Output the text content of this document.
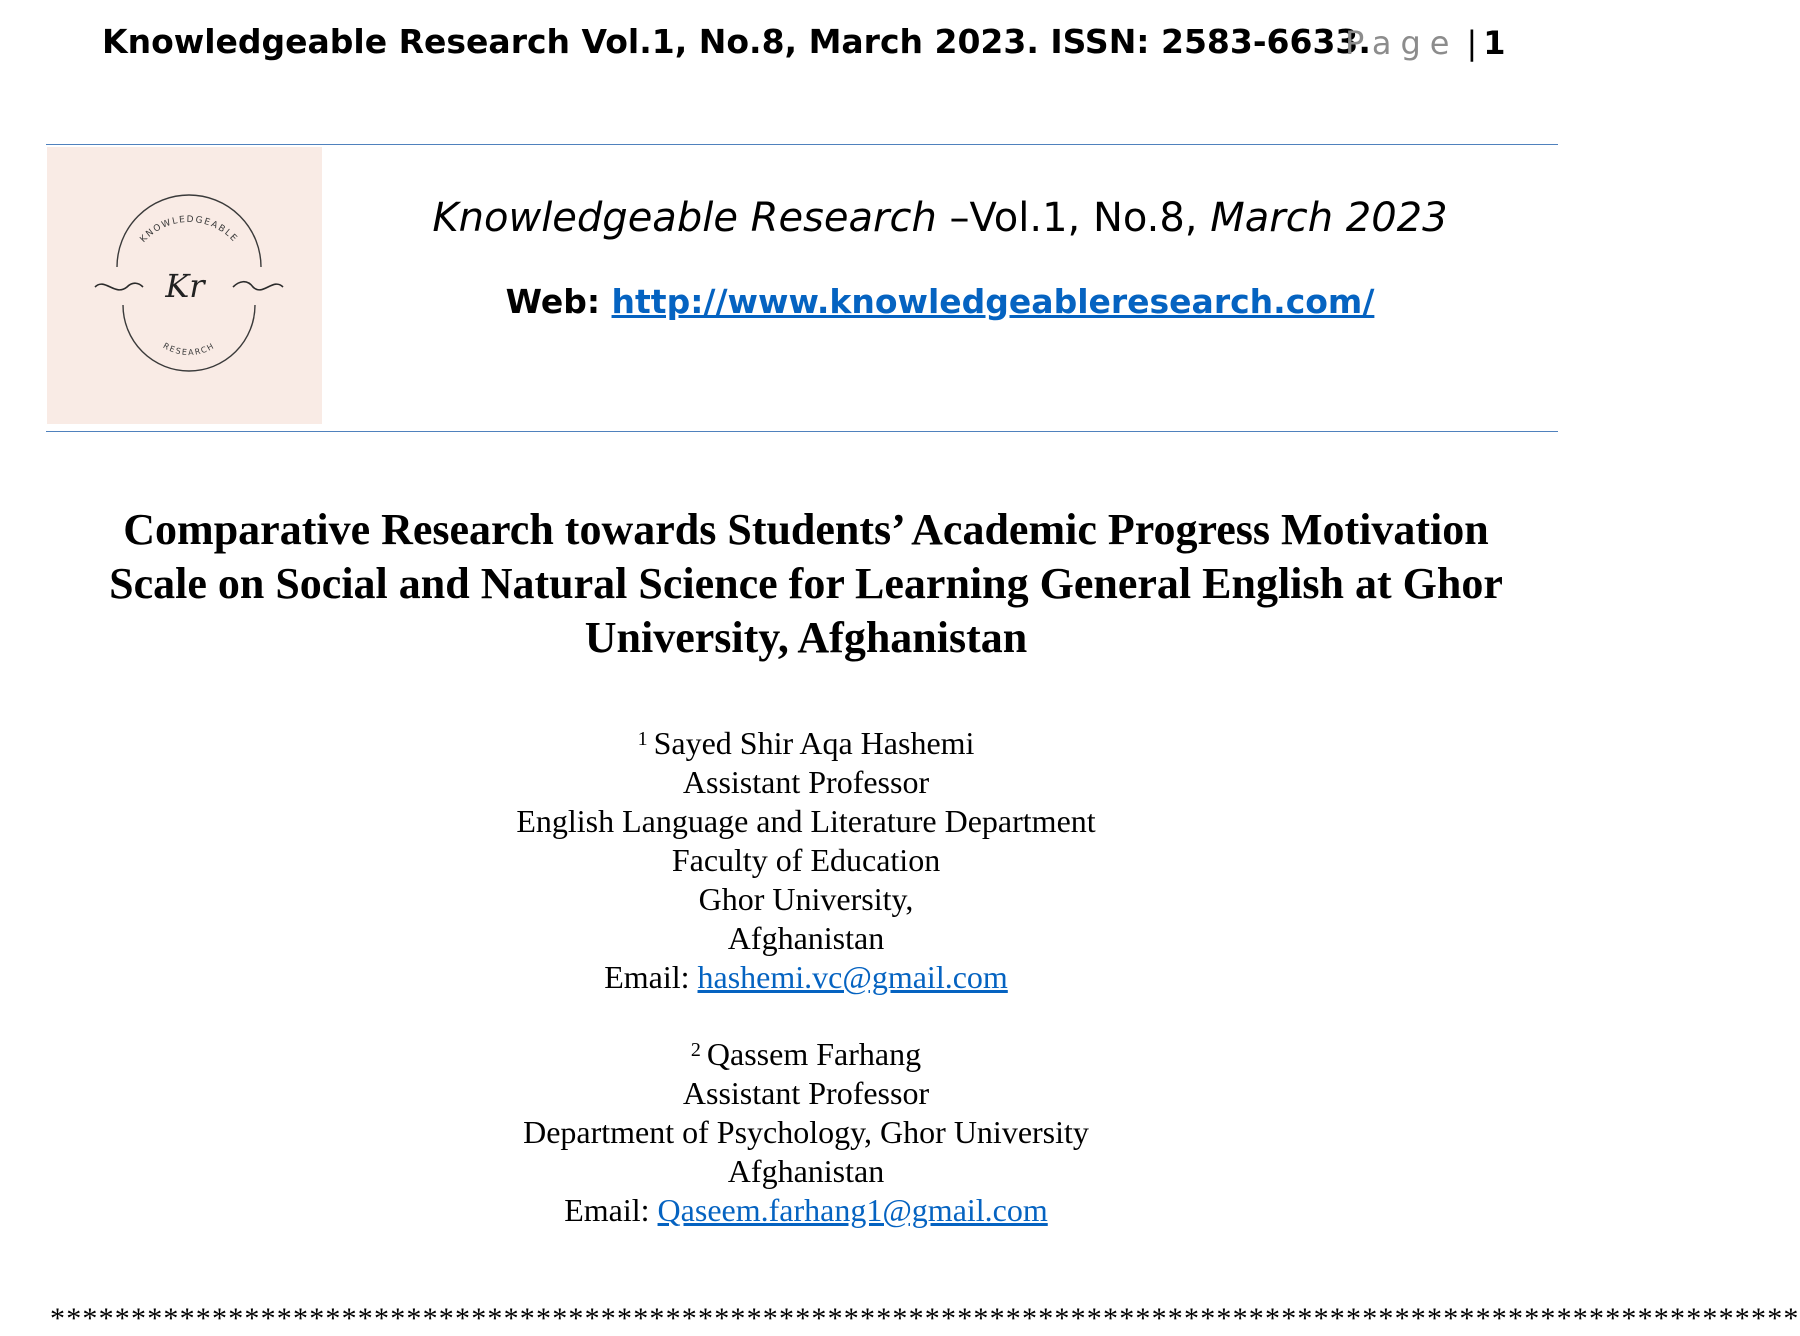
Knowledgeable Research Vol.1, No.8, March 2023. ISSN: 2583-6633.
Page | 1
KNOWLEDGEABLE
RESEARCH
Kr
Knowledgeable Research –Vol.1, No.8, March 2023
Web: http://www.knowledgeableresearch.com/
Comparative Research towards Students’ Academic Progress Motivation
Scale on Social and Natural Science for Learning General English at Ghor
University, Afghanistan
$^1$ Sayed Shir Aqa Hashemi
Assistant Professor
English Language and Literature Department
Faculty of Education
Ghor University,
Afghanistan
Email: hashemi.vc@gmail.com
$^2$ Qassem Farhang
Assistant Professor
Department of Psychology, Ghor University
Afghanistan
Email: Qaseem.farhang1@gmail.com
************************************************************************************************************
